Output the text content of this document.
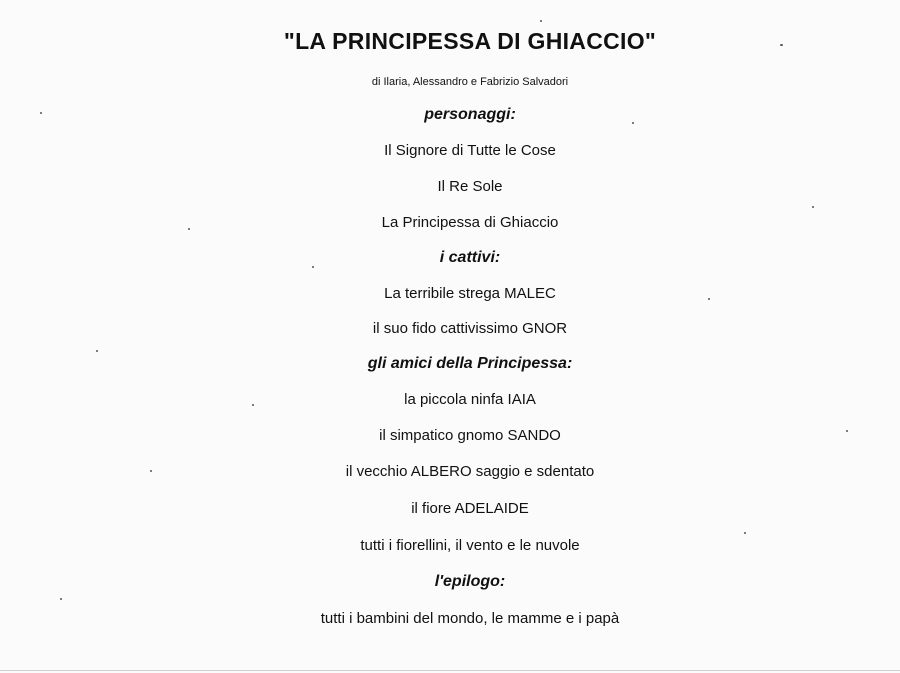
"LA PRINCIPESSA DI GHIACCIO"
di Ilaria, Alessandro e Fabrizio Salvadori
personaggi:
Il Signore di Tutte le Cose
Il Re Sole
La Principessa di Ghiaccio
i cattivi:
La terribile strega MALEC
il suo fido cattivissimo GNOR
gli amici della Principessa:
la piccola ninfa IAIA
il simpatico gnomo SANDO
il vecchio ALBERO saggio e sdentato
il fiore ADELAIDE
tutti i fiorellini, il vento e le nuvole
l'epilogo:
tutti i bambini del mondo, le mamme e i papà
